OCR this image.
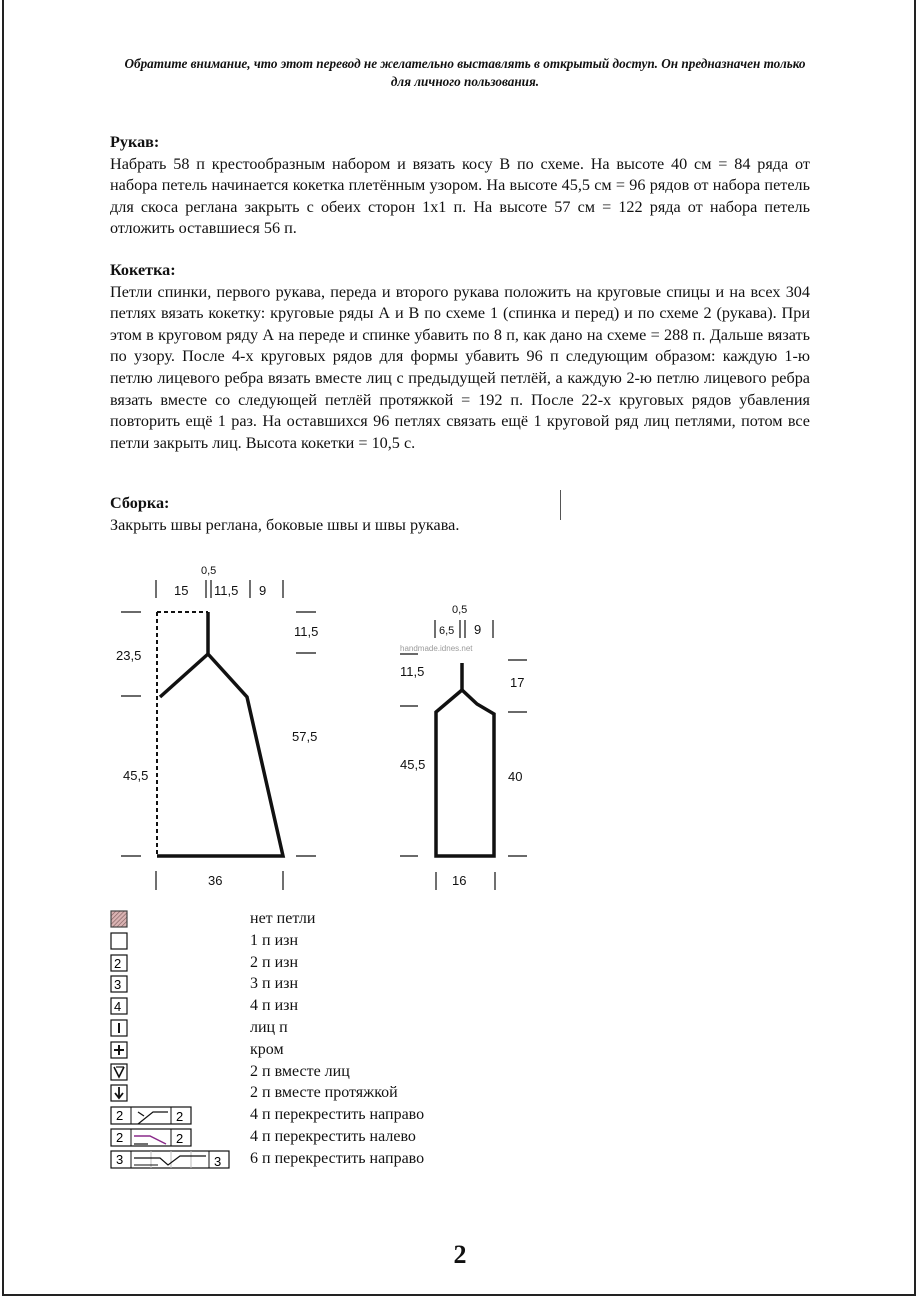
Обратите внимание, что этот перевод не желательно выставлять в открытый доступ. Он предназначен только для личного пользования.
Рукав:

Набрать 58 п крестообразным набором и вязать косу В по схеме. На высоте 40 см = 84 ряда от набора петель начинается кокетка плетённым узором. На высоте 45,5 см = 96 рядов от набора петель для скоса реглана закрыть с обеих сторон 1х1 п. На высоте 57 см = 122 ряда от набора петель отложить оставшиеся 56 п.

Кокетка:

Петли спинки, первого рукава, переда и второго рукава положить на круговые спицы и на всех 304 петлях вязать кокетку: круговые ряды А и В по схеме 1 (спинка и перед) и по схеме 2 (рукава). При этом в круговом ряду А на переде и спинке убавить по 8 п, как дано на схеме = 288 п. Дальше вязать по узору. После 4-х круговых рядов для формы убавить 96 п следующим образом: каждую 1-ю петлю лицевого ребра вязать вместе лиц с предыдущей петлёй, а каждую 2-ю петлю лицевого ребра вязать вместе со следующей петлёй протяжкой = 192 п. После 22-х круговых рядов убавления повторить ещё 1 раз. На оставшихся 96 петлях связать ещё 1 круговой ряд лиц петлями, потом все петли закрыть лиц. Высота кокетки = 10,5 с.

Сборка:

Закрыть швы реглана, боковые швы и швы рукава.

0,5
15 11,5 9
23,5
45,5
11,5
57,5
36
0,5
6,5 9
handmade.idnes.net
11,5
45,5
17
40
16
нет петли
1 п изн
2	2 п изн
3	3 п изн
4	4 п изн
лиц п
кром
2 п вместе лиц
2 п вместе протяжкой
2	2	4 п перекрестить направо
2	2	4 п перекрестить налево
3	3 6 п перекрестить направо
2
